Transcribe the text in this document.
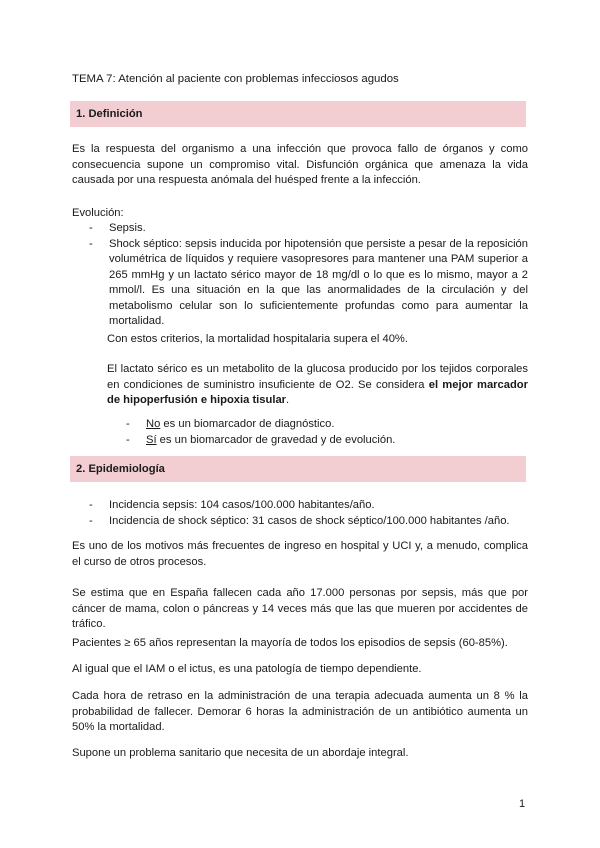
TEMA 7: Atención al paciente con problemas infecciosos agudos
1. Definición
Es la respuesta del organismo a una infección que provoca fallo de órganos y como consecuencia supone un compromiso vital. Disfunción orgánica que amenaza la vida causada por una respuesta anómala del huésped frente a la infección.
Evolución:
- Sepsis.
- Shock séptico: sepsis inducida por hipotensión que persiste a pesar de la reposición volumétrica de líquidos y requiere vasopresores para mantener una PAM superior a 265 mmHg y un lactato sérico mayor de 18 mg/dl o lo que es lo mismo, mayor a 2 mmol/l. Es una situación en la que las anormalidades de la circulación y del metabolismo celular son lo suficientemente profundas como para aumentar la mortalidad.
Con estos criterios, la mortalidad hospitalaria supera el 40%.
El lactato sérico es un metabolito de la glucosa producido por los tejidos corporales en condiciones de suministro insuficiente de O2. Se considera el mejor marcador de hipoperfusión e hipoxia tisular.
- No es un biomarcador de diagnóstico.
- Sí es un biomarcador de gravedad y de evolución.
2. Epidemiología
- Incidencia sepsis: 104 casos/100.000 habitantes/año.
- Incidencia de shock séptico: 31 casos de shock séptico/100.000 habitantes /año.
Es uno de los motivos más frecuentes de ingreso en hospital y UCI y, a menudo, complica el curso de otros procesos.
Se estima que en España fallecen cada año 17.000 personas por sepsis, más que por cáncer de mama, colon o páncreas y 14 veces más que las que mueren por accidentes de tráfico.
Pacientes ≥ 65 años representan la mayoría de todos los episodios de sepsis (60-85%).
Al igual que el IAM o el ictus, es una patología de tiempo dependiente.
Cada hora de retraso en la administración de una terapia adecuada aumenta un 8 % la probabilidad de fallecer. Demorar 6 horas la administración de un antibiótico aumenta un 50% la mortalidad.
Supone un problema sanitario que necesita de un abordaje integral.
1
